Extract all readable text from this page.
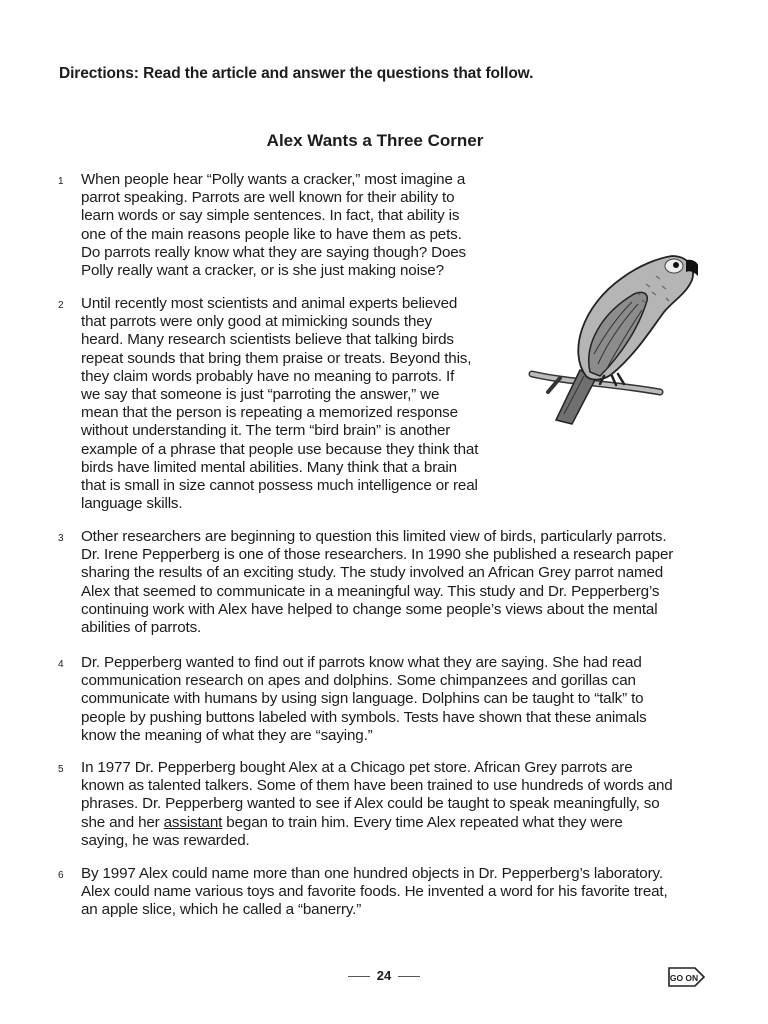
Directions: Read the article and answer the questions that follow.
Alex Wants a Three Corner
1 When people hear “Polly wants a cracker,” most imagine a
parrot speaking. Parrots are well known for their ability to
learn words or say simple sentences. In fact, that ability is
one of the main reasons people like to have them as pets.
Do parrots really know what they are saying though? Does
Polly really want a cracker, or is she just making noise?
2 Until recently most scientists and animal experts believed
that parrots were only good at mimicking sounds they
heard. Many research scientists believe that talking birds
repeat sounds that bring them praise or treats. Beyond this,
they claim words probably have no meaning to parrots. If
we say that someone is just “parroting the answer,” we
mean that the person is repeating a memorized response
without understanding it. The term “bird brain” is another
example of a phrase that people use because they think that
birds have limited mental abilities. Many think that a brain
that is small in size cannot possess much intelligence or real
language skills.
3 Other researchers are beginning to question this limited view of birds, particularly parrots.
Dr. Irene Pepperberg is one of those researchers. In 1990 she published a research paper
sharing the results of an exciting study. The study involved an African Grey parrot named
Alex that seemed to communicate in a meaningful way. This study and Dr. Pepperberg’s
continuing work with Alex have helped to change some people’s views about the mental
abilities of parrots.
4 Dr. Pepperberg wanted to find out if parrots know what they are saying. She had read
communication research on apes and dolphins. Some chimpanzees and gorillas can
communicate with humans by using sign language. Dolphins can be taught to “talk” to
people by pushing buttons labeled with symbols. Tests have shown that these animals
know the meaning of what they are “saying.”
5 In 1977 Dr. Pepperberg bought Alex at a Chicago pet store. African Grey parrots are
known as talented talkers. Some of them have been trained to use hundreds of words and
phrases. Dr. Pepperberg wanted to see if Alex could be taught to speak meaningfully, so
she and her assistant began to train him. Every time Alex repeated what they were
saying, he was rewarded.
6 By 1997 Alex could name more than one hundred objects in Dr. Pepperberg’s laboratory.
Alex could name various toys and favorite foods. He invented a word for his favorite treat,
an apple slice, which he called a “banerry.”
24	GO ON
